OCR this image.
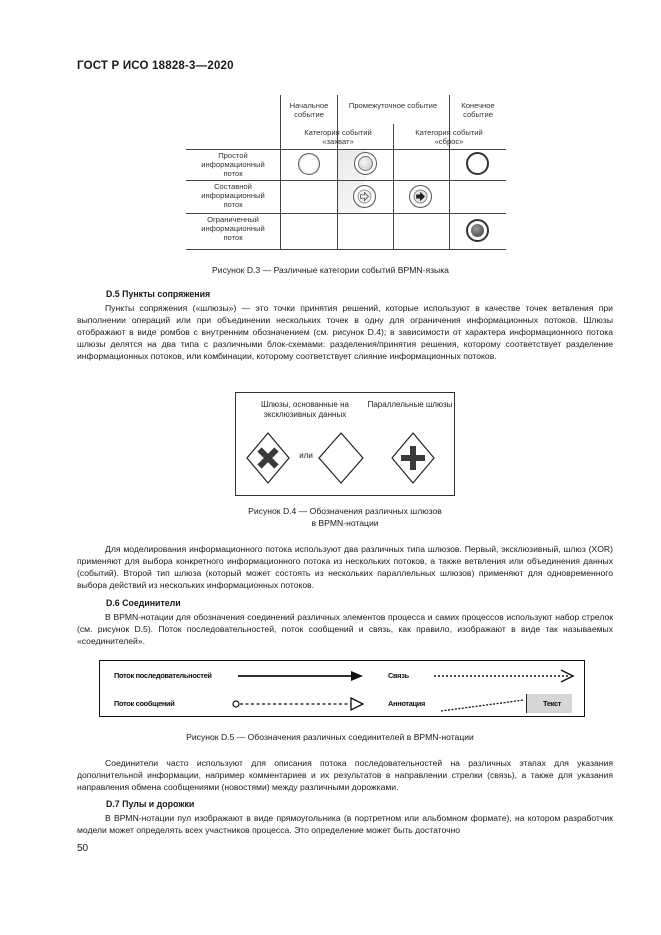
ГОСТ Р ИСО 18828-3—2020
Начальное событие
Промежуточное событие	Конечное событие
Категория событий «захват»
Категория событий «сброс»
Простой информационный поток
Составной информационный поток
Ограниченный информационный поток
Рисунок D.3 — Различные категории событий BPMN-языка
D.5 Пункты сопряжения
Пункты сопряжения («шлюзы») — это точки принятия решений, которые используют в качестве точек ветвления при выполнении операций или при объединении нескольких точек в одну для ограничения информационных потоков. Шлюзы отображают в виде ромбов с внутренним обозначением (см. рисунок D.4); в зависимости от характера информационного потока шлюзы делятся на два типа с различными блок-схемами: разделения/принятия решения, которому соответствует разделение информационных потоков, или комбинации, которому соответствует слияние информационных потоков.
Шлюзы, основанные на эксклюзивных данных
Параллельные шлюзы
или
Рисунок D.4 — Обозначения различных шлюзов
в BPMN-нотации
Для моделирования информационного потока используют два различных типа шлюзов. Первый, эксклюзивный, шлюз (XOR) применяют для выбора конкретного информационного потока из нескольких потоков, а также ветвления или объединения данных (событий). Второй тип шлюза (который может состоять из нескольких параллельных шлюзов) применяют для одновременного выбора действий из нескольких информационных потоков.
D.6 Соединители
В BPMN-нотации для обозначения соединений различных элементов процесса и самих процессов используют набор стрелок (см. рисунок D.5). Поток последовательностей, поток сообщений и связь, как правило, изображают в виде так называемых «соединителей».
Поток последовательностей
Поток сообщений
Связь
Аннотация	Текст
Рисунок D.5 — Обозначения различных соединителей в BPMN-нотации
Соединители часто используют для описания потока последовательностей на различных этапах для указания дополнительной информации, например комментариев и их результатов в направлении стрелки (связь), а также для указания направления обмена сообщениями (новостями) между различными дорожками.
D.7 Пулы и дорожки
В BPMN-нотации пул изображают в виде прямоугольника (в портретном или альбомном формате), на котором разработчик модели может определять всех участников процесса. Это определение может быть достаточно
50
